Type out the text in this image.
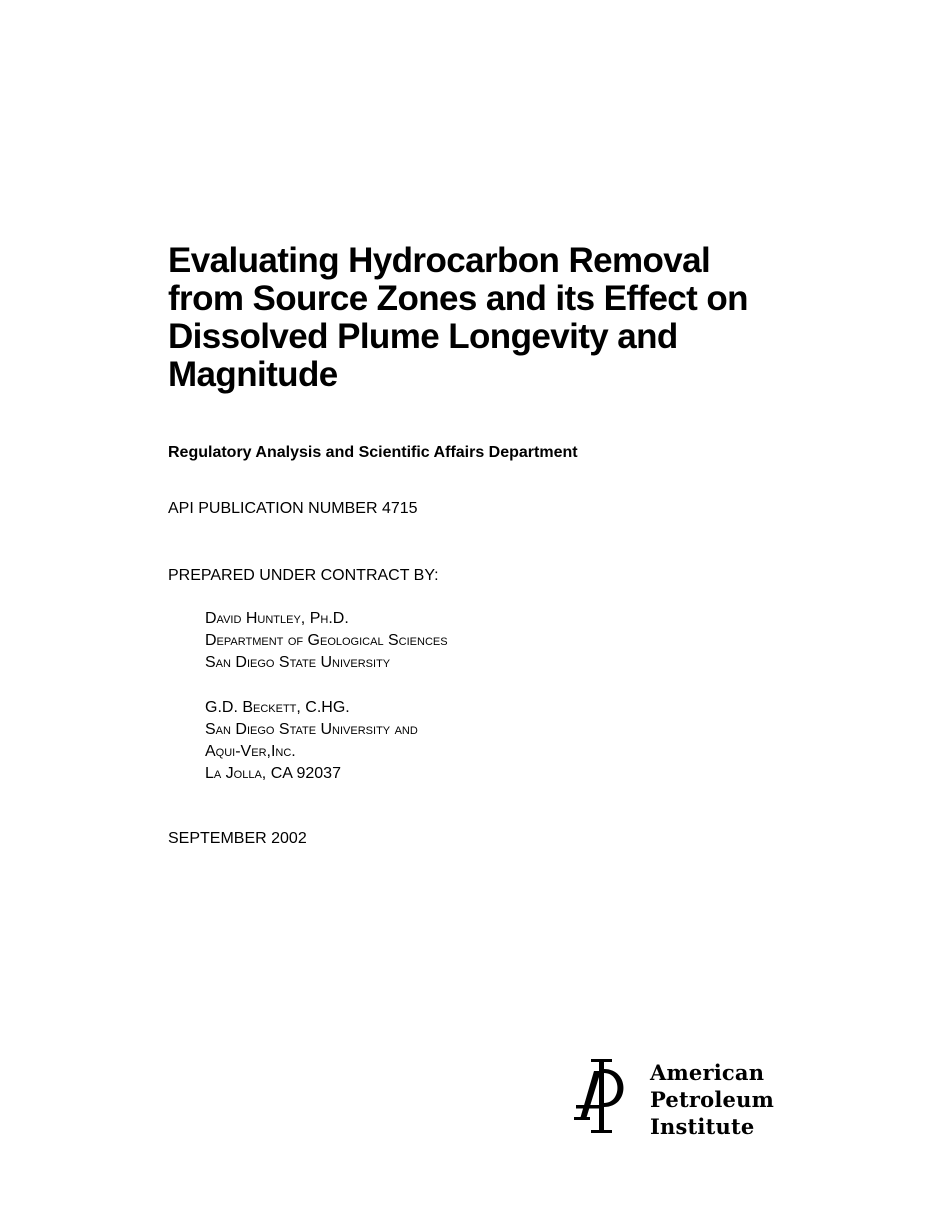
Evaluating Hydrocarbon Removal
from Source Zones and its Effect on
Dissolved Plume Longevity and
Magnitude
Regulatory Analysis and Scientific Affairs Department
API PUBLICATION NUMBER 4715
PREPARED UNDER CONTRACT BY:
David Huntley, Ph.D.
Department of Geological Sciences
San Diego State University
G.D. Beckett, C.HG.
San Diego State University and
Aqui-Ver,Inc.
La Jolla, CA 92037
SEPTEMBER 2002
American
Petroleum
Institute
